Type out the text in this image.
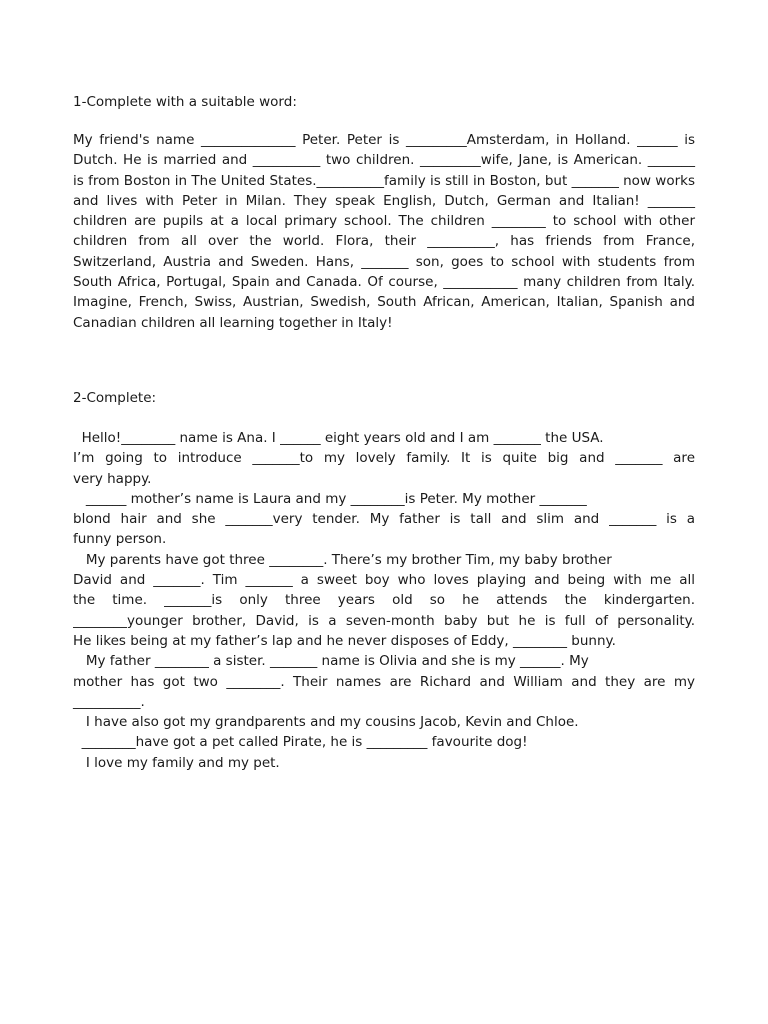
1-Complete with a suitable word:

My friend's name ______________ Peter. Peter is _________Amsterdam, in Holland. ______ is Dutch. He is married and __________ two children. _________wife, Jane, is American. _______ is from Boston in The United States.__________family is still in Boston, but _______ now works and lives with Peter in Milan. They speak English, Dutch, German and Italian! _______ children are pupils at a local primary school. The children ________ to school with other children from all over the world. Flora, their __________, has friends from France, Switzerland, Austria and Sweden. Hans, _______ son, goes to school with students from South Africa, Portugal, Spain and Canada. Of course, ___________ many children from Italy. Imagine, French, Swiss, Austrian, Swedish, South African, American, Italian, Spanish and Canadian children all learning together in Italy!

2-Complete:

Hello!________ name is Ana. I ______ eight years old and I am _______ the USA.
I’m going to introduce _______to my lovely family. It is quite big and _______ are
very happy.
______ mother’s name is Laura and my ________is Peter. My mother _______
blond hair and she _______very tender. My father is tall and slim and _______ is a
funny person.
My parents have got three ________. There’s my brother Tim, my baby brother
David and _______. Tim _______ a sweet boy who loves playing and being with me all
the time. _______is only three years old so he attends the kindergarten.
________younger brother, David, is a seven-month baby but he is full of personality.
He likes being at my father’s lap and he never disposes of Eddy, ________ bunny.
My father ________ a sister. _______ name is Olivia and she is my ______. My
mother has got two ________. Their names are Richard and William and they are my
__________.
I have also got my grandparents and my cousins Jacob, Kevin and Chloe.
________have got a pet called Pirate, he is _________ favourite dog!
I love my family and my pet.
